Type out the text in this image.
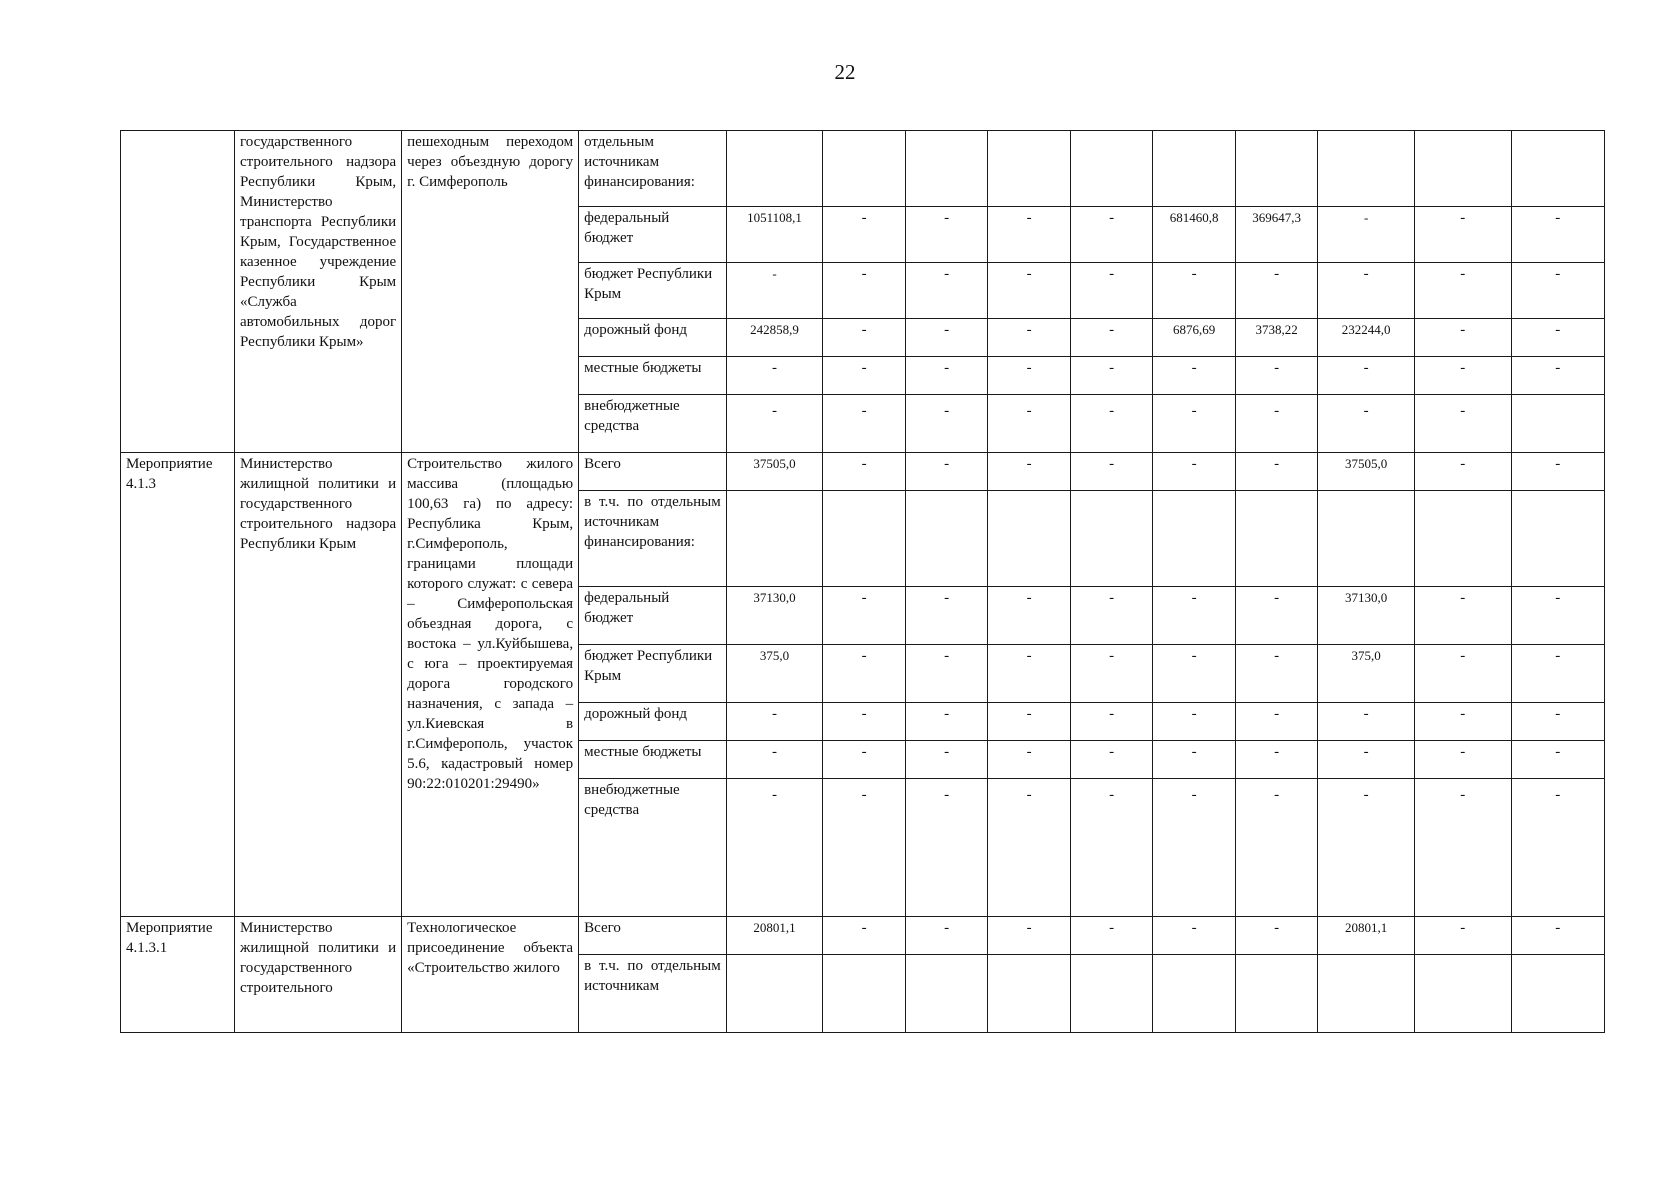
22
	государственного строительного надзора Республики Крым, Министерство транспорта Республики Крым, Государственное казенное учреждение Республики Крым «Служба автомобильных дорог Республики Крым»	пешеходным переходом через объездную дорогу г. Симферополь	отдельным источникам финансирования:										
			федеральный бюджет	1051108,1	-	-	-	-	681460,8	369647,3	-	-	-
			бюджет Республики Крым	-	-	-	-	-	-	-	-	-	-
			дорожный фонд	242858,9	-	-	-	-	6876,69	3738,22	232244,0	-	-
			местные бюджеты	-	-	-	-	-	-	-	-	-	-
			внебюджетные средства	-	-	-	-	-	-	-	-	-	
Мероприятие 4.1.3	Министерство жилищной политики и государственного строительного надзора Республики Крым	Строительство жилого массива (площадью 100,63 га) по адресу: Республика Крым, г.Симферополь, границами площади которого служат: с севера – Симферопольская объездная дорога, с востока – ул.Куйбышева, с юга – проектируемая дорога городского назначения, с запада – ул.Киевская в г.Симферополь, участок 5.6, кадастровый номер 90:22:010201:29490»	Всего	37505,0	-	-	-	-	-	-	37505,0	-	-
			в т.ч. по отдельным источникам финансирования:										
			федеральный бюджет	37130,0	-	-	-	-	-	-	37130,0	-	-
			бюджет Республики Крым	375,0	-	-	-	-	-	-	375,0	-	-
			дорожный фонд	-	-	-	-	-	-	-	-	-	-
			местные бюджеты	-	-	-	-	-	-	-	-	-	-
			внебюджетные средства	-	-	-	-	-	-	-	-	-	-
Мероприятие 4.1.3.1	Министерство жилищной политики и государственного строительного	Технологическое присоединение объекта «Строительство жилого	Всего	20801,1	-	-	-	-	-	-	20801,1	-	-
			в т.ч. по отдельным источникам										
